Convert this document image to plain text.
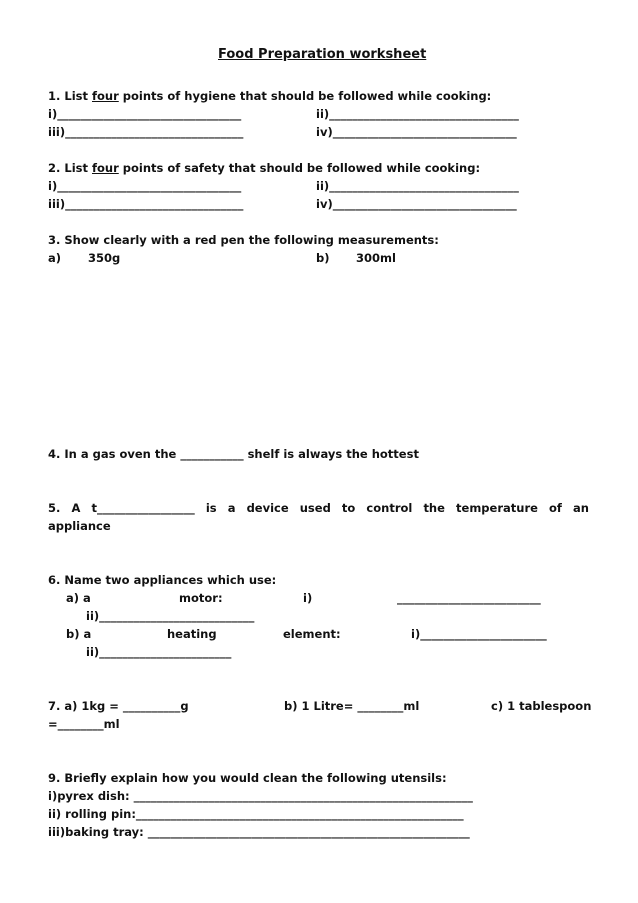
Food Preparation worksheet
1. List four points of hygiene that should be followed while cooking:
i)________________________________	ii)_________________________________
iii)_______________________________	iv)________________________________
2. List four points of safety that should be followed while cooking:
i)________________________________	ii)_________________________________
iii)_______________________________	iv)________________________________
3. Show clearly with a red pen the following measurements:
a) 350g	b) 300ml
4. In a gas oven the ___________ shelf is always the hottest
5. A t_________________ is a device used to control the temperature of an
appliance
6. Name two appliances which use:
a) a	motor:	i)	_________________________
ii)___________________________
b) a	heating	element:	i)______________________
ii)_______________________
7. a) 1kg = __________g	b) 1 Litre= ________ml	c) 1 tablespoon
=________ml
9. Briefly explain how you would clean the following utensils:
i)pyrex dish: ___________________________________________________________
ii) rolling pin:_________________________________________________________
iii)baking tray: ________________________________________________________
